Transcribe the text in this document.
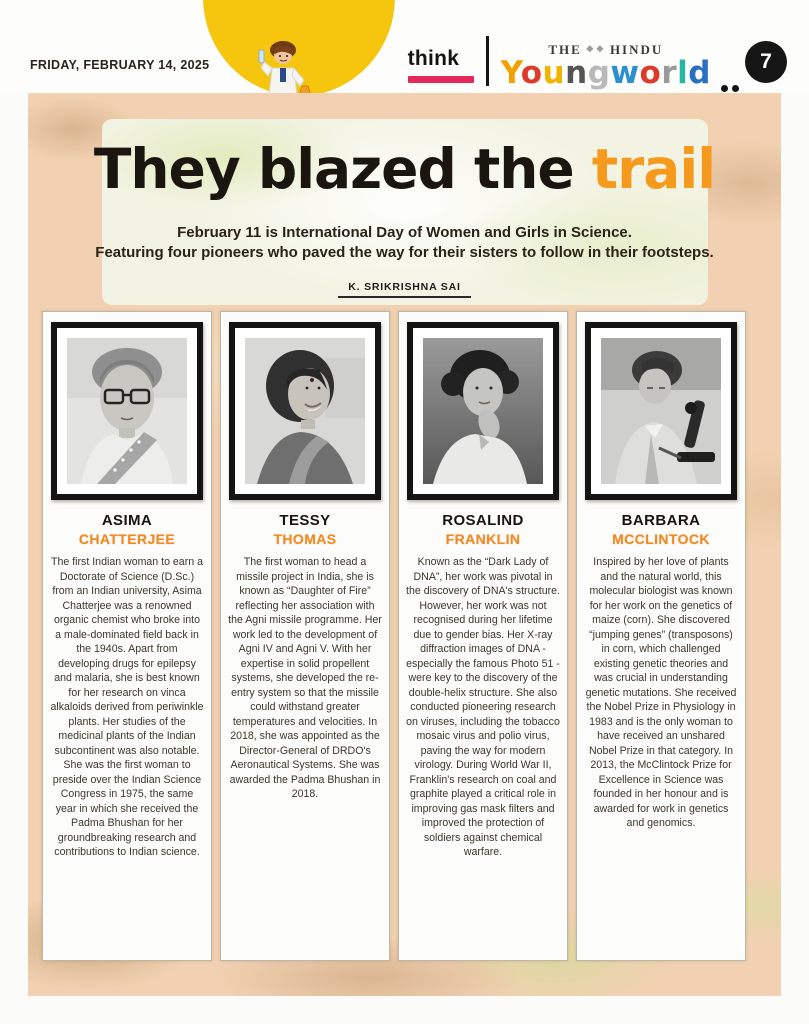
FRIDAY, FEBRUARY 14, 2025	think	THE ❖❖ HINDU
Youngworld	7
They blazed the trail
February 11 is International Day of Women and Girls in Science.
Featuring four pioneers who paved the way for their sisters to follow in their footsteps.
K. SRIKRISHNA SAI
ASIMA
CHATTERJEE

The first Indian woman to earn a Doctorate of Science (D.Sc.) from an Indian university, Asima Chatterjee was a renowned organic chemist who broke into a male-dominated field back in the 1940s. Apart from developing drugs for epilepsy and malaria, she is best known for her research on vinca alkaloids derived from periwinkle plants. Her studies of the medicinal plants of the Indian subcontinent was also notable. She was the first woman to preside over the Indian Science Congress in 1975, the same year in which she received the Padma Bhushan for her groundbreaking research and contributions to Indian science.

TESSY
THOMAS

The first woman to head a missile project in India, she is known as “Daughter of Fire” reflecting her association with the Agni missile programme. Her work led to the development of Agni IV and Agni V. With her expertise in solid propellent systems, she developed the re-entry system so that the missile could withstand greater temperatures and velocities. In 2018, she was appointed as the Director-General of DRDO's Aeronautical Systems. She was awarded the Padma Bhushan in 2018.

ROSALIND
FRANKLIN

Known as the “Dark Lady of DNA”, her work was pivotal in the discovery of DNA's structure. However, her work was not recognised during her lifetime due to gender bias. Her X-ray diffraction images of DNA - especially the famous Photo 51 - were key to the discovery of the double-helix structure. She also conducted pioneering research on viruses, including the tobacco mosaic virus and polio virus, paving the way for modern virology. During World War II, Franklin's research on coal and graphite played a critical role in improving gas mask filters and improved the protection of soldiers against chemical warfare.

BARBARA
MCCLINTOCK

Inspired by her love of plants and the natural world, this molecular biologist was known for her work on the genetics of maize (corn). She discovered “jumping genes” (transposons) in corn, which challenged existing genetic theories and was crucial in understanding genetic mutations. She received the Nobel Prize in Physiology in 1983 and is the only woman to have received an unshared Nobel Prize in that category. In 2013, the McClintock Prize for Excellence in Science was founded in her honour and is awarded for work in genetics and genomics.
